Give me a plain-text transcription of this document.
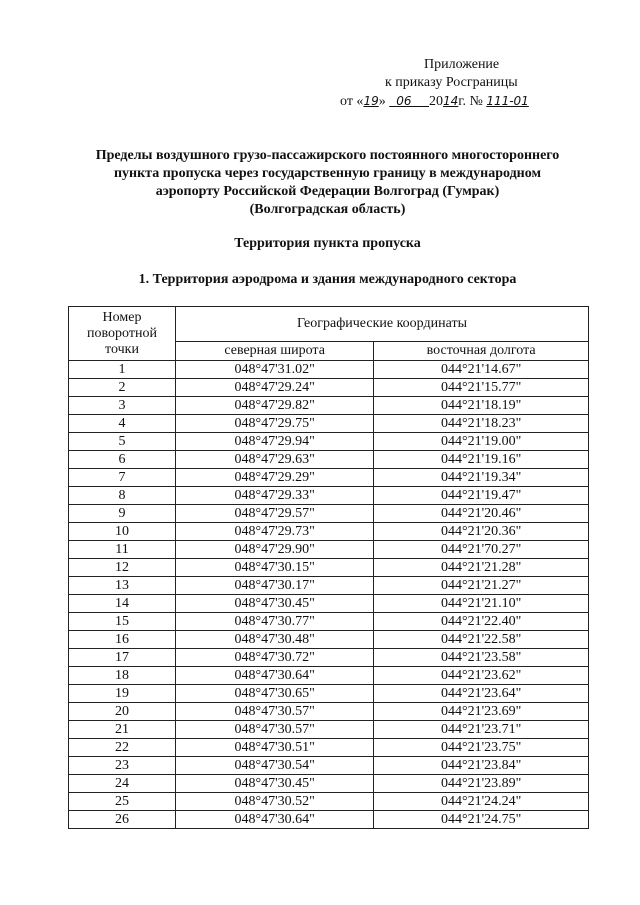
Приложение
к приказу Росграницы
от «19» 06 2014г. № 111-01
Пределы воздушного грузо-пассажирского постоянного многостороннего
пункта пропуска через государственную границу в международном
аэропорту Российской Федерации Волгоград (Гумрак)
(Волгоградская область)
Территория пункта пропуска
1. Территория аэродрома и здания международного сектора
Номер поворотной точки	Географические координаты	
	северная широта	восточная долгота
1	048°47'31.02"	044°21'14.67"
2	048°47'29.24"	044°21'15.77"
3	048°47'29.82"	044°21'18.19"
4	048°47'29.75"	044°21'18.23"
5	048°47'29.94"	044°21'19.00"
6	048°47'29.63"	044°21'19.16"
7	048°47'29.29"	044°21'19.34"
8	048°47'29.33"	044°21'19.47"
9	048°47'29.57"	044°21'20.46"
10	048°47'29.73"	044°21'20.36"
11	048°47'29.90"	044°21'70.27"
12	048°47'30.15"	044°21'21.28"
13	048°47'30.17"	044°21'21.27"
14	048°47'30.45"	044°21'21.10"
15	048°47'30.77"	044°21'22.40"
16	048°47'30.48"	044°21'22.58"
17	048°47'30.72"	044°21'23.58"
18	048°47'30.64"	044°21'23.62"
19	048°47'30.65"	044°21'23.64"
20	048°47'30.57"	044°21'23.69"
21	048°47'30.57"	044°21'23.71"
22	048°47'30.51"	044°21'23.75"
23	048°47'30.54"	044°21'23.84"
24	048°47'30.45"	044°21'23.89"
25	048°47'30.52"	044°21'24.24"
26	048°47'30.64"	044°21'24.75"
